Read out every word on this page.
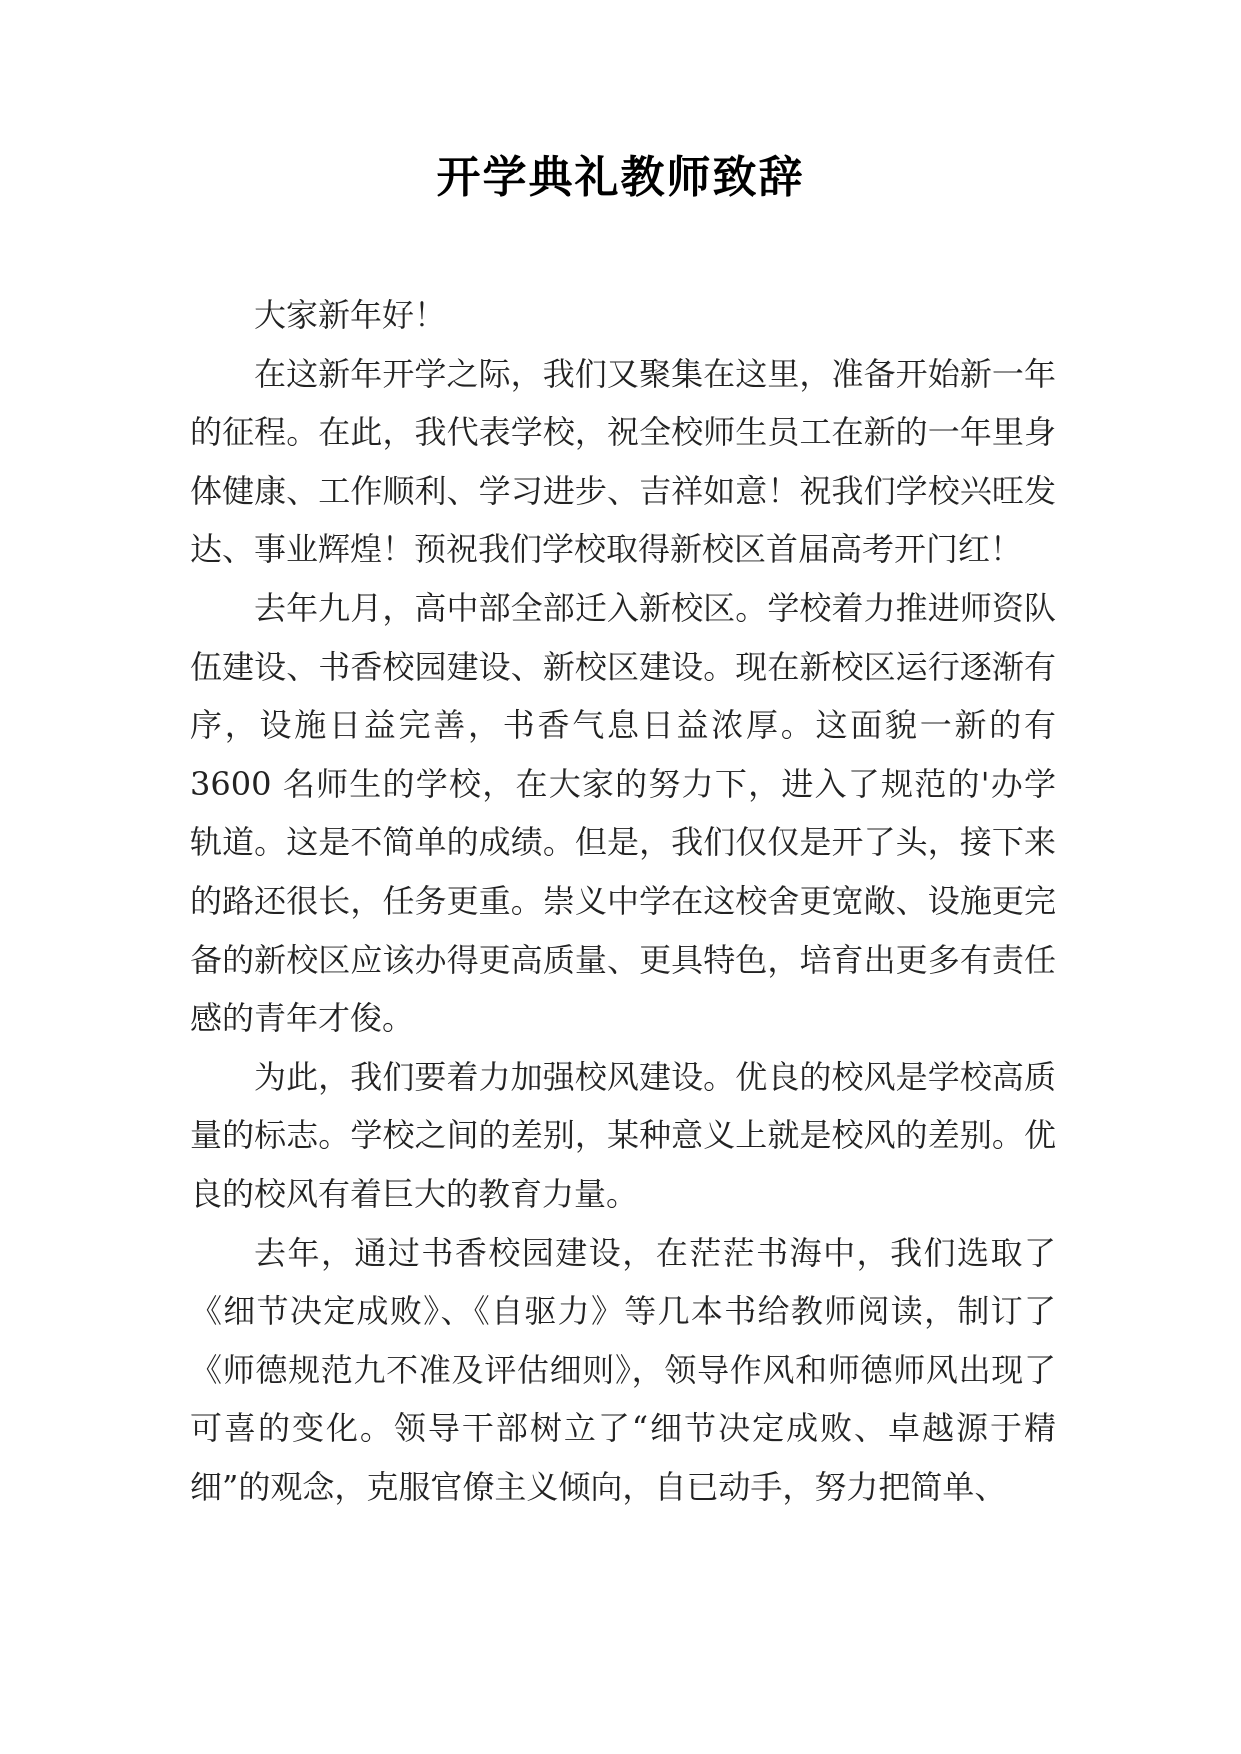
开学典礼教师致辞

大家新年好！

在这新年开学之际，我们又聚集在这里，准备开始新一年的征程。在此，我代表学校，祝全校师生员工在新的一年里身体健康、工作顺利、学习进步、吉祥如意！祝我们学校兴旺发达、事业辉煌！预祝我们学校取得新校区首届高考开门红！

去年九月，高中部全部迁入新校区。学校着力推进师资队伍建设、书香校园建设、新校区建设。现在新校区运行逐渐有序，设施日益完善，书香气息日益浓厚。这面貌一新的有 3600 名师生的学校，在大家的努力下，进入了规范的'办学轨道。这是不简单的成绩。但是，我们仅仅是开了头，接下来的路还很长，任务更重。崇义中学在这校舍更宽敞、设施更完备的新校区应该办得更高质量、更具特色，培育出更多有责任感的青年才俊。

为此，我们要着力加强校风建设。优良的校风是学校高质量的标志。学校之间的差别，某种意义上就是校风的差别。优良的校风有着巨大的教育力量。

去年，通过书香校园建设，在茫茫书海中，我们选取了《细节决定成败》、《自驱力》等几本书给教师阅读，制订了《师德规范九不准及评估细则》，领导作风和师德师风出现了可喜的变化。领导干部树立了“细节决定成败、卓越源于精细”的观念，克服官僚主义倾向，自已动手，努力把简单、
